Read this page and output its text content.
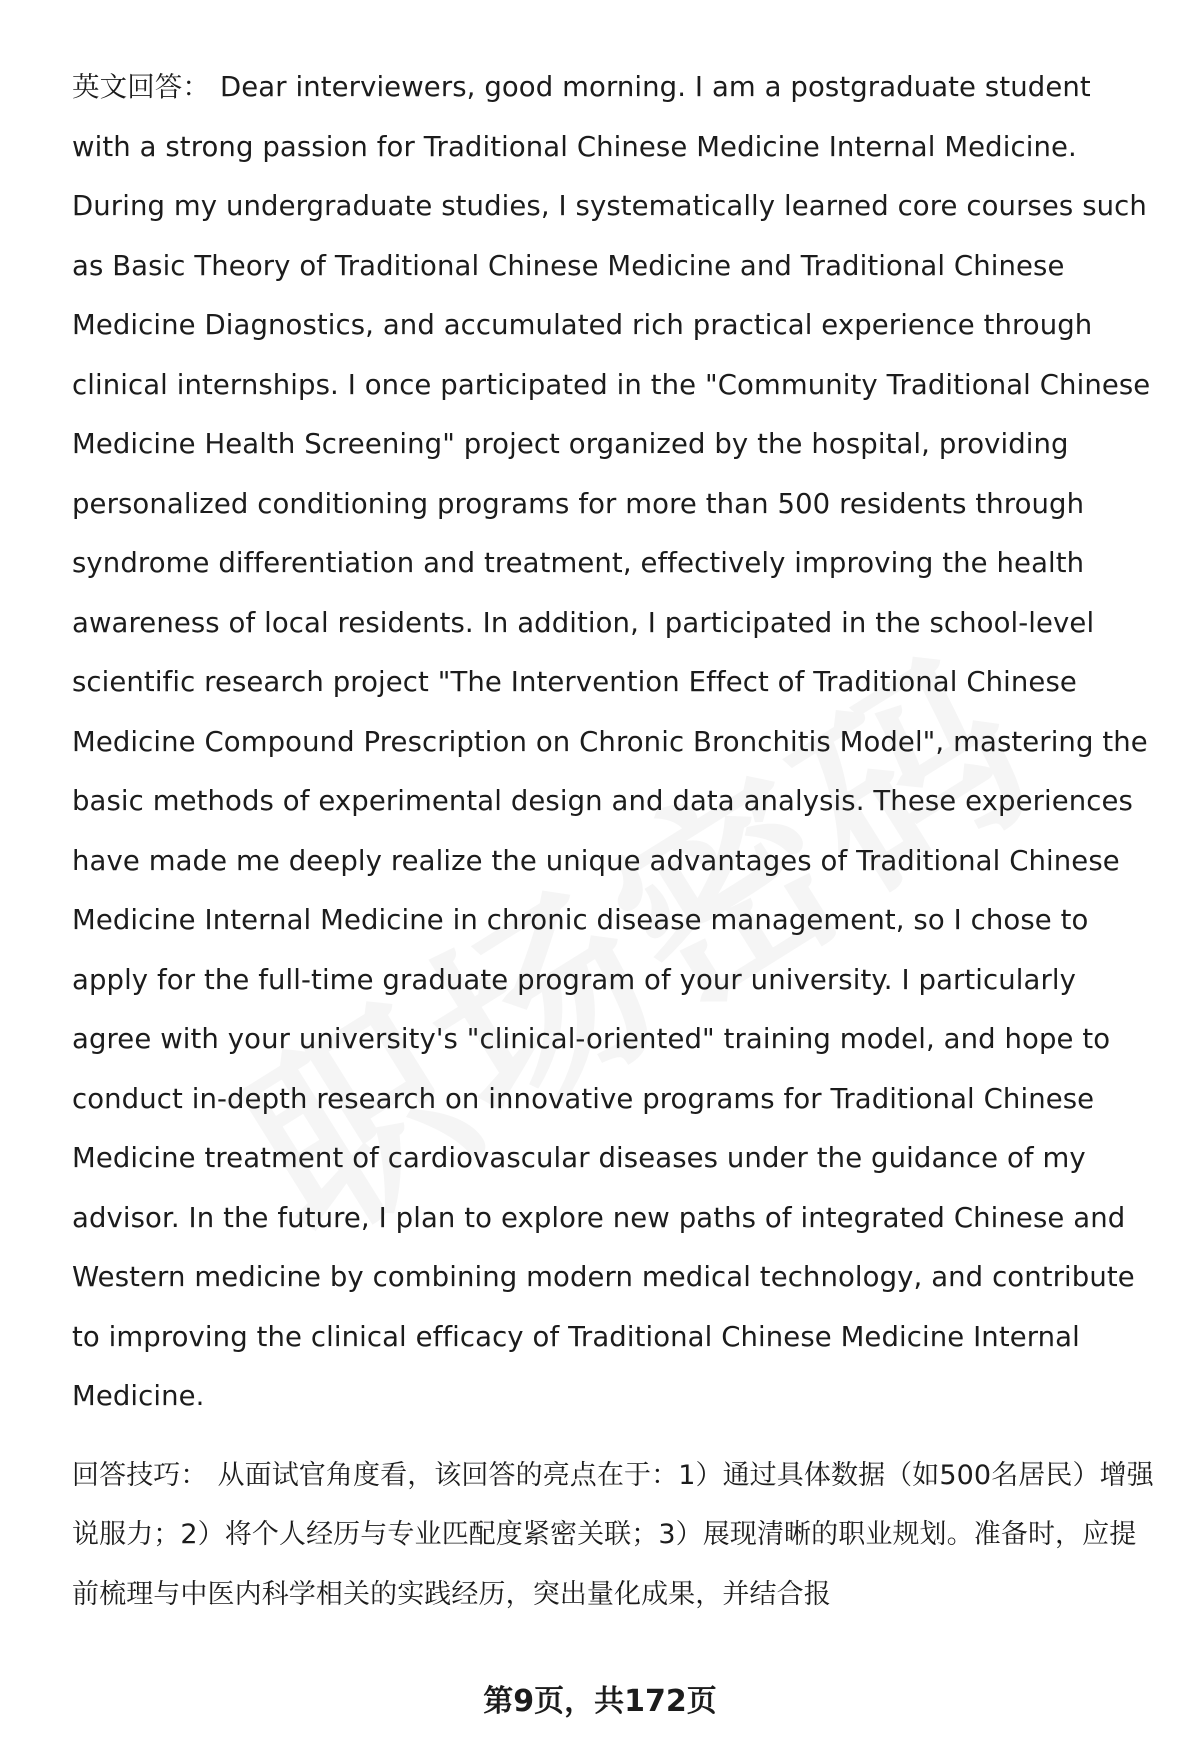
英文回答： Dear interviewers, good morning. I am a postgraduate student with a strong passion for Traditional Chinese Medicine Internal Medicine. During my undergraduate studies, I systematically learned core courses such as Basic Theory of Traditional Chinese Medicine and Traditional Chinese Medicine Diagnostics, and accumulated rich practical experience through clinical internships. I once participated in the "Community Traditional Chinese Medicine Health Screening" project organized by the hospital, providing personalized conditioning programs for more than 500 residents through syndrome differentiation and treatment, effectively improving the health awareness of local residents. In addition, I participated in the school-level scientific research project "The Intervention Effect of Traditional Chinese Medicine Compound Prescription on Chronic Bronchitis Model", mastering the basic methods of experimental design and data analysis. These experiences have made me deeply realize the unique advantages of Traditional Chinese Medicine Internal Medicine in chronic disease management, so I chose to apply for the full-time graduate program of your university. I particularly agree with your university's "clinical-oriented" training model, and hope to conduct in-depth research on innovative programs for Traditional Chinese Medicine treatment of cardiovascular diseases under the guidance of my advisor. In the future, I plan to explore new paths of integrated Chinese and Western medicine by combining modern medical technology, and contribute to improving the clinical efficacy of Traditional Chinese Medicine Internal Medicine.

回答技巧： 从面试官角度看，该回答的亮点在于：1）通过具体数据（如500名居民）增强说服力；2）将个人经历与专业匹配度紧密关联；3）展现清晰的职业规划。准备时，应提前梳理与中医内科学相关的实践经历，突出量化成果，并结合报

第9页，共172页
